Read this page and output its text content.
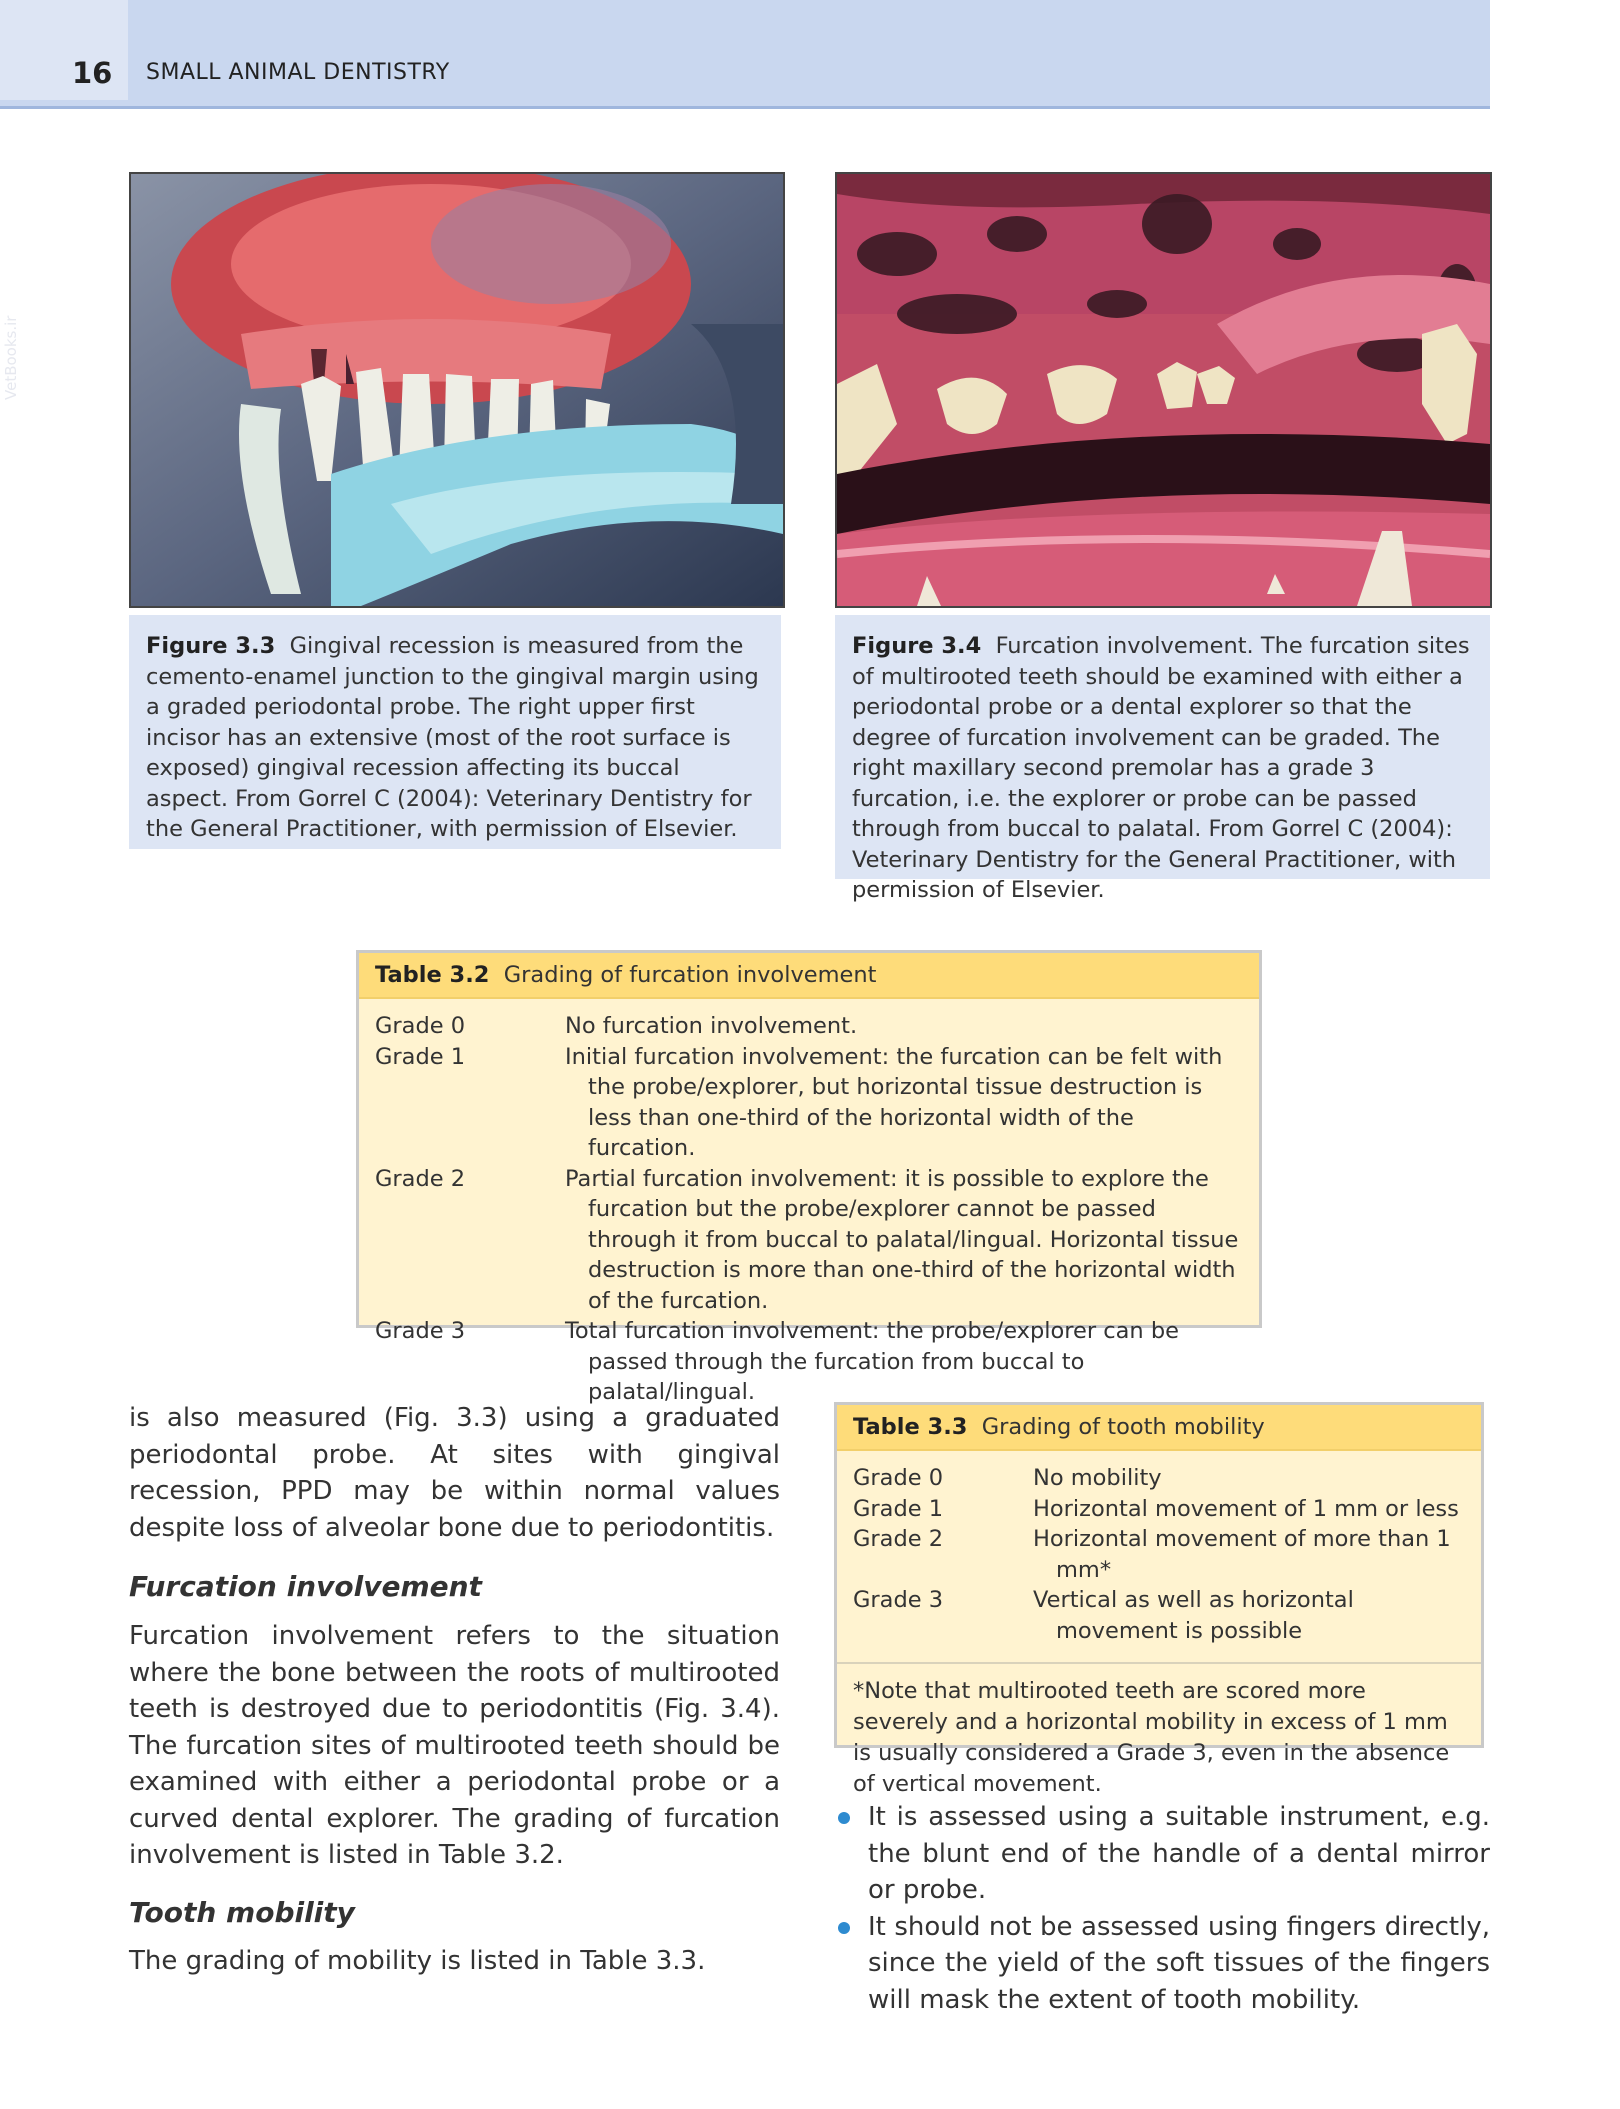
16 SMALL ANIMAL DENTISTRY
VetBooks.ir
Figure 3.3 Gingival recession is measured from the cemento-enamel junction to the gingival margin using a graded periodontal probe. The right upper first incisor has an extensive (most of the root surface is exposed) gingival recession affecting its buccal aspect. From Gorrel C (2004): Veterinary Dentistry for the General Practitioner, with permission of Elsevier.
Figure 3.4 Furcation involvement. The furcation sites of multirooted teeth should be examined with either a periodontal probe or a dental explorer so that the degree of furcation involvement can be graded. The right maxillary second premolar has a grade 3 furcation, i.e. the explorer or probe can be passed through from buccal to palatal. From Gorrel C (2004): Veterinary Dentistry for the General Practitioner, with permission of Elsevier.
Table 3.2 Grading of furcation involvement
Grade 0	No furcation involvement.
Grade 1	Initial furcation involvement: the furcation can be felt with the probe/explorer, but horizontal tissue destruction is less than one-third of the horizontal width of the furcation.
Grade 2	Partial furcation involvement: it is possible to explore the furcation but the probe/explorer cannot be passed through it from buccal to palatal/lingual. Horizontal tissue destruction is more than one-third of the horizontal width of the furcation.
Grade 3	Total furcation involvement: the probe/explorer can be passed through the furcation from buccal to palatal/lingual.
is also measured (Fig. 3.3) using a graduated periodontal probe. At sites with gingival recession, PPD may be within normal values despite loss of alveolar bone due to periodontitis.
Furcation involvement
Furcation involvement refers to the situation where the bone between the roots of multirooted teeth is destroyed due to periodontitis (Fig. 3.4). The furcation sites of multirooted teeth should be examined with either a periodontal probe or a curved dental explorer. The grading of furcation involvement is listed in Table 3.2.
Tooth mobility
The grading of mobility is listed in Table 3.3.
Table 3.3 Grading of tooth mobility
Grade 0	No mobility
Grade 1	Horizontal movement of 1 mm or less
Grade 2	Horizontal movement of more than 1 mm*
Grade 3	Vertical as well as horizontal movement is possible
*Note that multirooted teeth are scored more severely and a horizontal mobility in excess of 1 mm is usually considered a Grade 3, even in the absence of vertical movement.
It is assessed using a suitable instrument, e.g. the blunt end of the handle of a dental mirror or probe.
It should not be assessed using fingers directly, since the yield of the soft tissues of the fingers will mask the extent of tooth mobility.
